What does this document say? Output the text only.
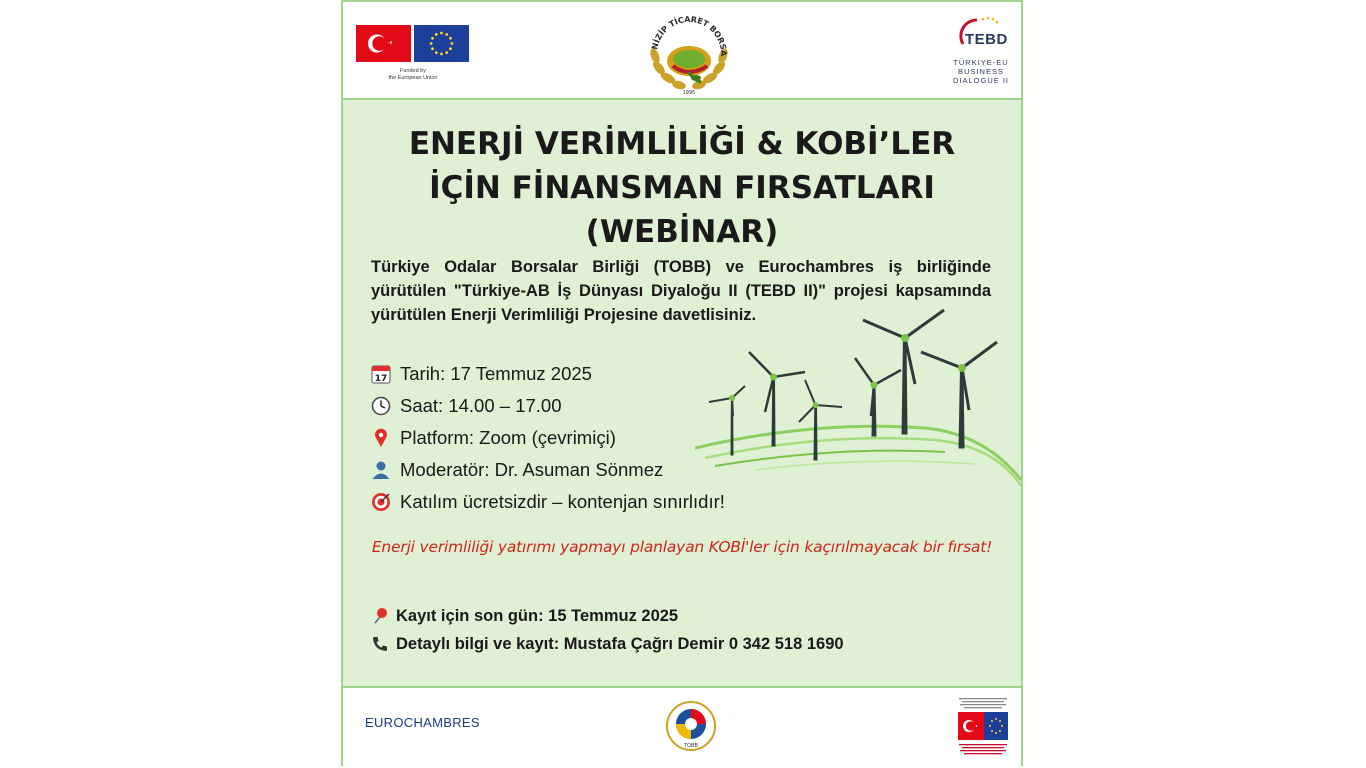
Funded by
the European Union
NİZİP TİCARET BORSA
1995
TEBD
TÜRKİYE-EU
BUSINESS
DIALOGUE II
ENERJİ VERİMLİLİĞİ & KOBİ’LER
İÇİN FİNANSMAN FIRSATLARI
(WEBİNAR)
Türkiye Odalar Borsalar Birliği (TOBB) ve Eurochambres iş birliğinde yürütülen "Türkiye-AB İş Dünyası Diyaloğu II (TEBD II)" projesi kapsamında yürütülen Enerji Verimliliği Projesine davetlisiniz.
17 Tarih: 17 Temmuz 2025
Saat: 14.00 – 17.00
Platform: Zoom (çevrimiçi)
Moderatör: Dr. Asuman Sönmez
Katılım ücretsizdir – kontenjan sınırlıdır!
Enerji verimliliği yatırımı yapmayı planlayan KOBİ'ler için kaçırılmayacak bir fırsat!
Kayıt için son gün: 15 Temmuz 2025
Detaylı bilgi ve kayıt: Mustafa Çağrı Demir 0 342 518 1690
EUROCHAMBRES
TOBB
